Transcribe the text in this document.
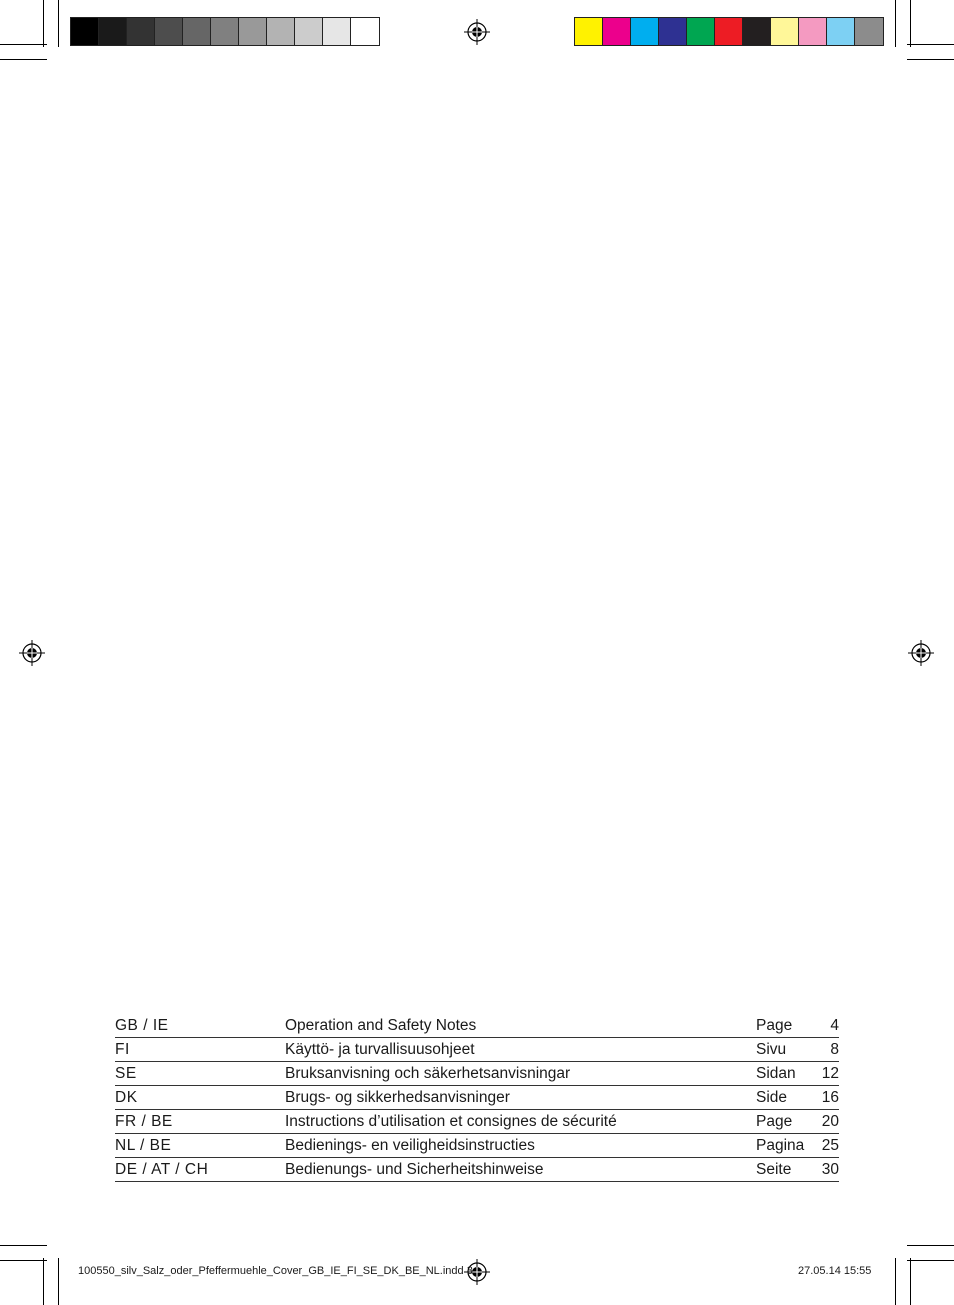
GB / IE	Operation and Safety Notes	Page 4
FI	Käyttö- ja turvallisuusohjeet	Sivu	8
SE	Bruksanvisning och säkerhetsanvisningar	Sidan 12
DK	Brugs- og sikkerhedsanvisninger	Side 16
FR / BE	Instructions d’utilisation et consignes de sécurité	Page 20
NL / BE	Bedienings- en veiligheidsinstructies	Pagina 25
DE / AT / CH	Bedienungs- und Sicherheitshinweise	Seite 30
100550_silv_Salz_oder_Pfeffermuehle_Cover_GB_IE_FI_SE_DK_BE_NL.indd 3	27.05.14 15:55
